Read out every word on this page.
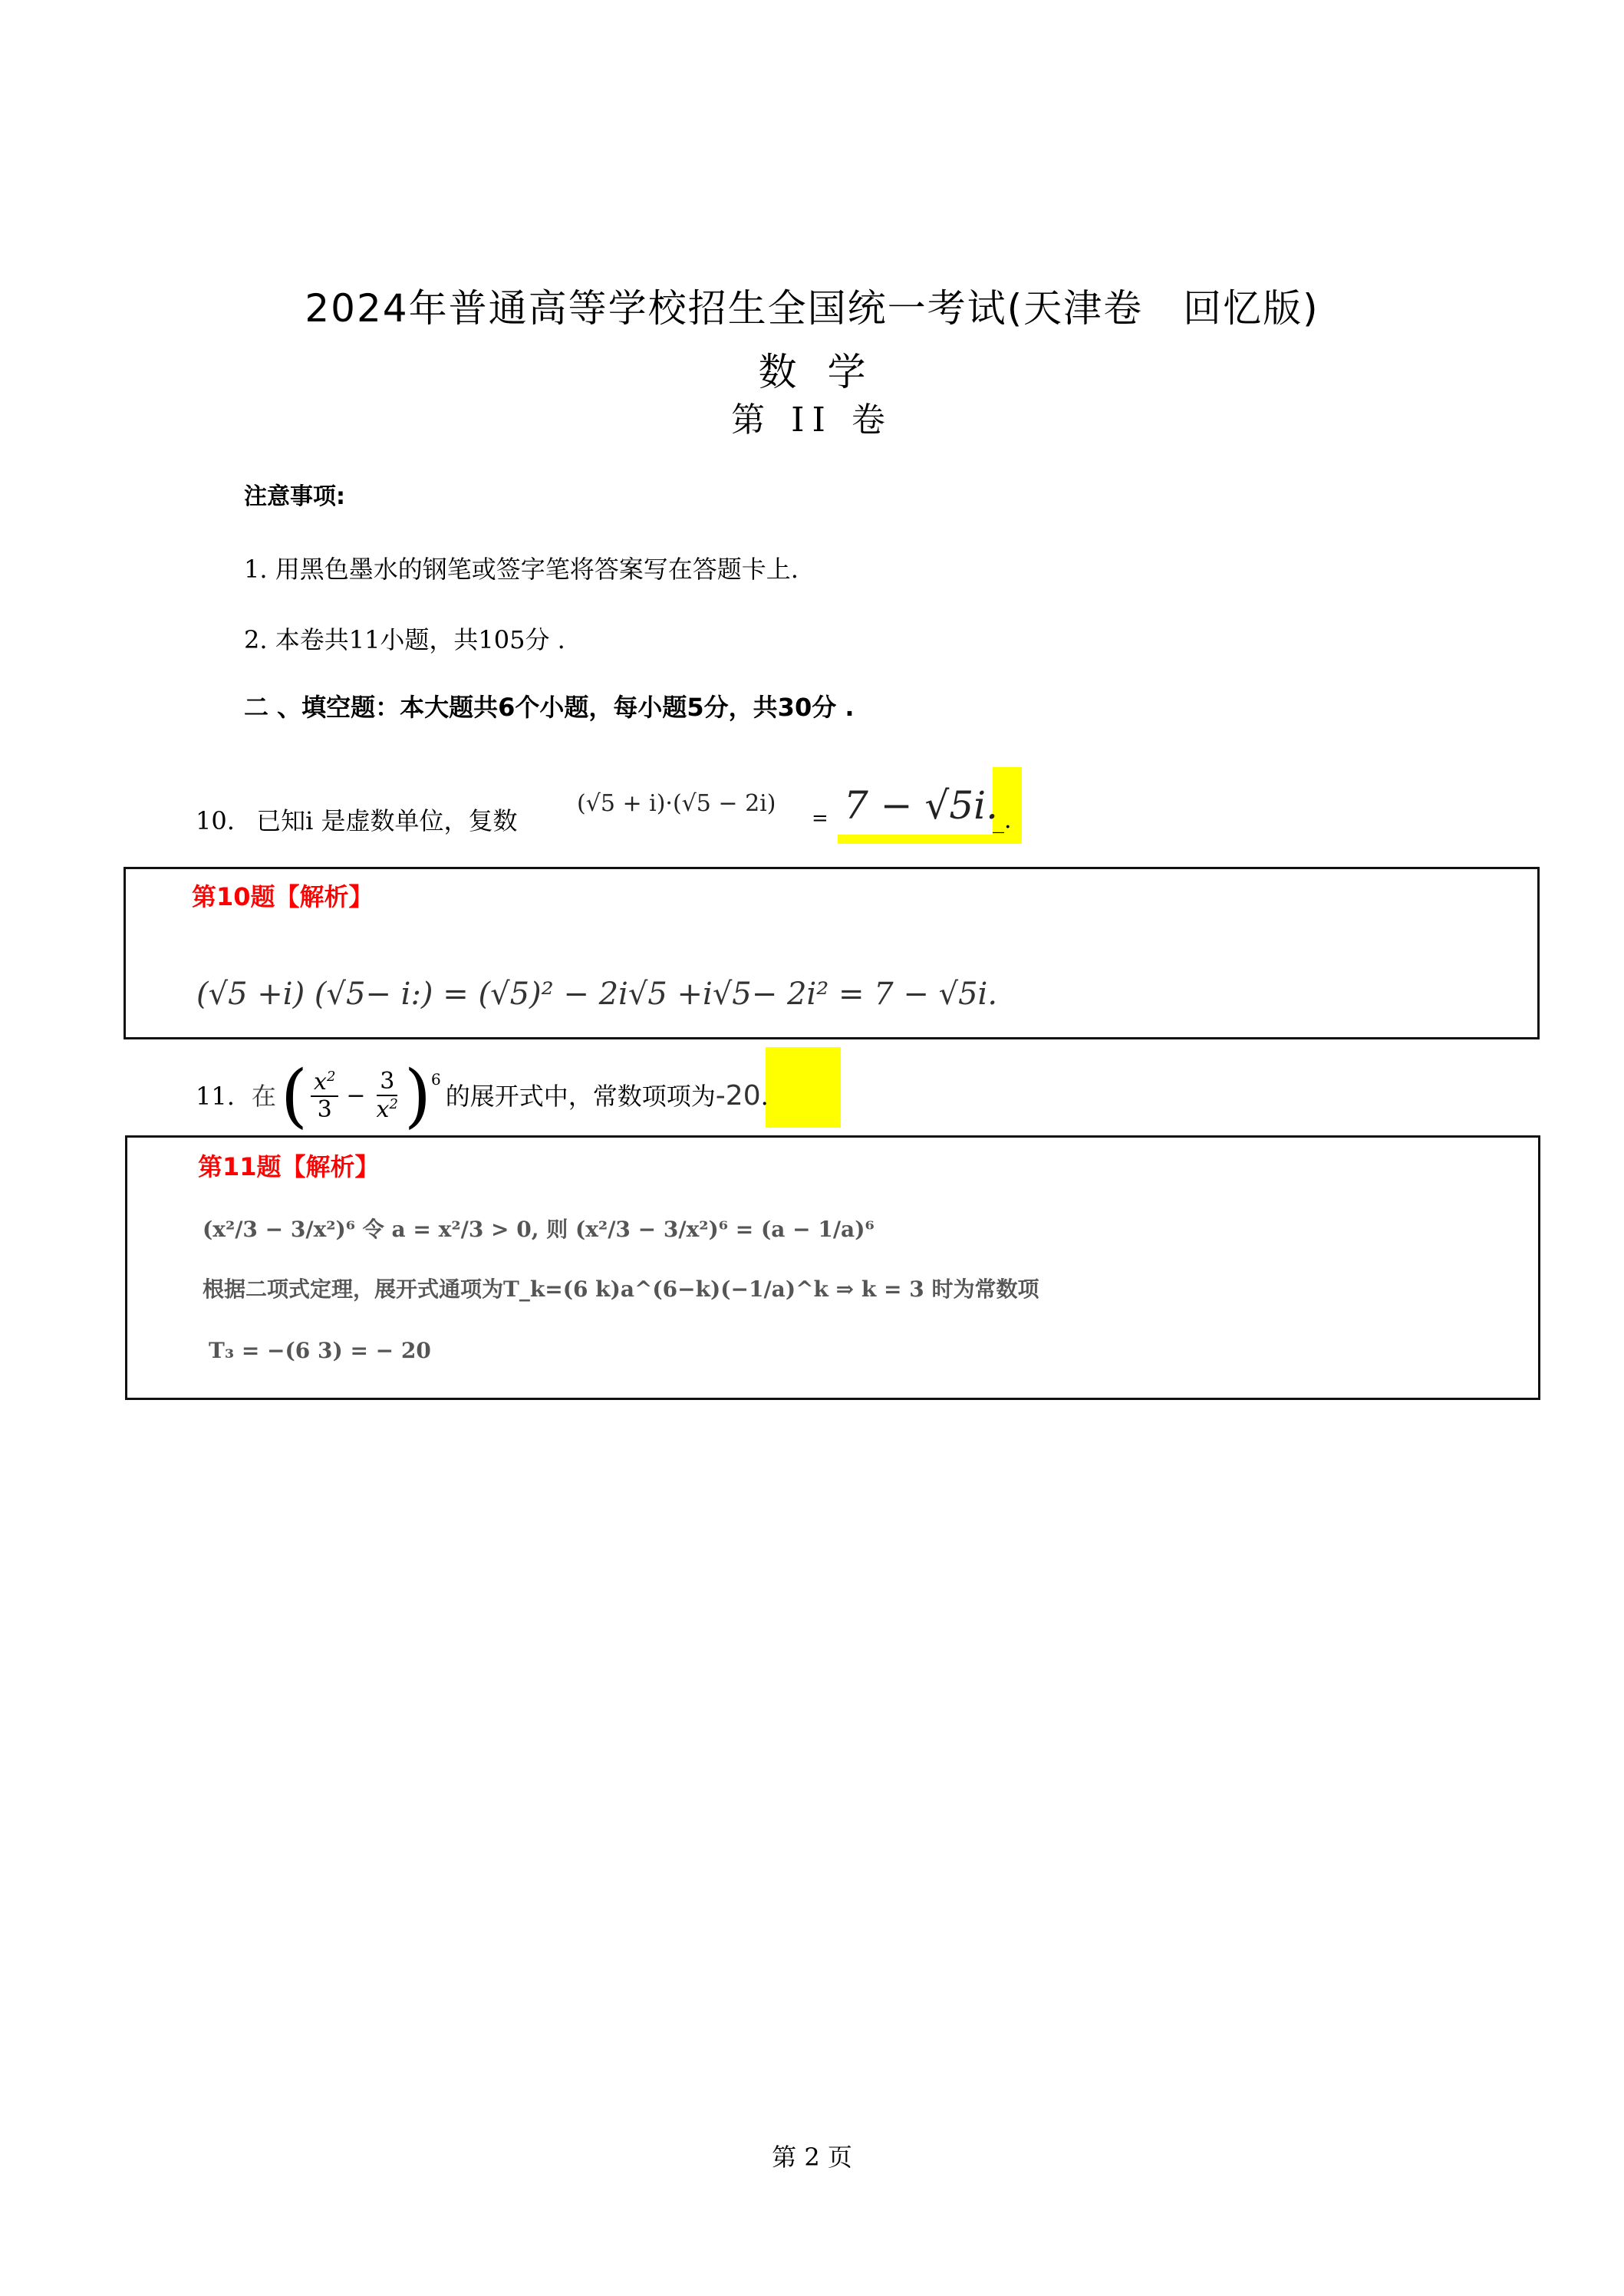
2024年普通高等学校招生全国统一考试(天津卷　回忆版)
数学
第 II 卷
注意事项:
1. 用黑色墨水的钢笔或签字笔将答案写在答题卡上.
2. 本卷共11小题，共105分 .
二 、填空题：本大题共6个小题，每小题5分，共30分 .
10. 已知i 是虚数单位，复数
(√5 + i)·(√5 − 2i)
= 7 − √5i.
_.
第10题【解析】
(√5 +i) (√5− i:) = (√5)² − 2i√5 +i√5− 2i² = 7 − √5i.
11. 在 ( $\frac{x^2}{3} - \frac{3}{x^2}$ ) 6
的展开式中，常数项项为 -20 .
第11题【解析】
(x²/3 − 3/x²)⁶ 令 a = x²/3 > 0, 则 (x²/3 − 3/x²)⁶ = (a − 1/a)⁶
根据二项式定理，展开式通项为T_k=(6 k)a^(6−k)(−1/a)^k ⇒ k = 3 时为常数项
T₃ = −(6 3) = − 20
第 2 页
